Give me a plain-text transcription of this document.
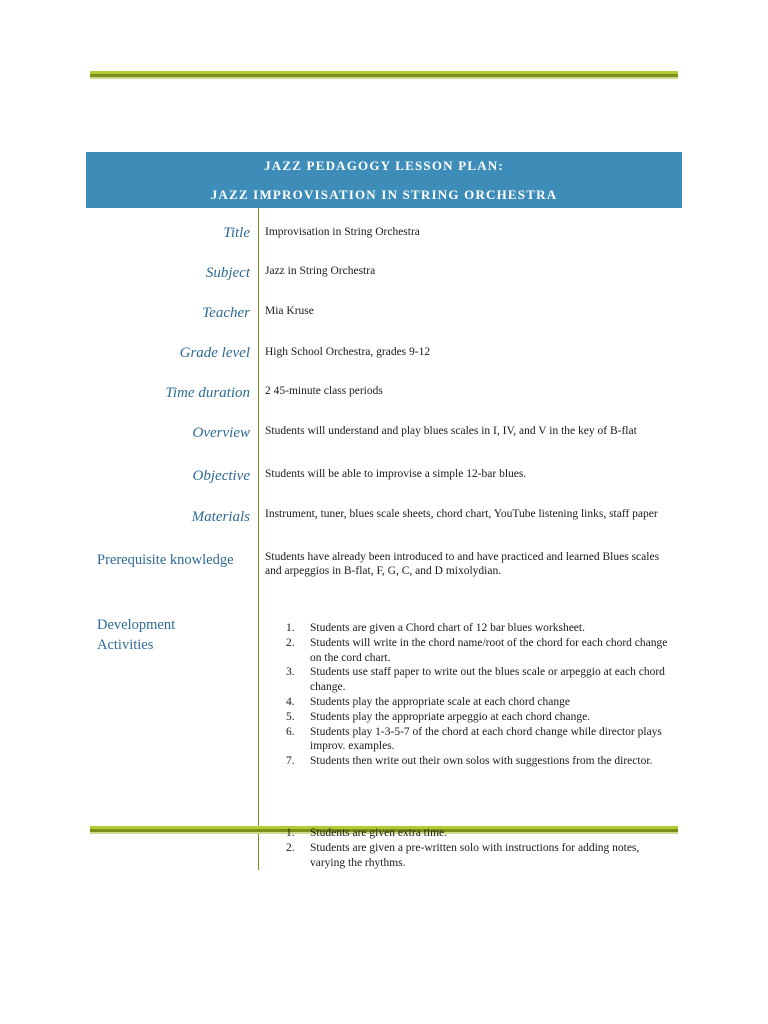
JAZZ PEDAGOGY LESSON PLAN:
JAZZ IMPROVISATION IN STRING ORCHESTRA
Title Improvisation in String Orchestra
Subject Jazz in String Orchestra
Teacher Mia Kruse
Grade level High School Orchestra, grades 9-12
Time duration 2 45-minute class periods
Overview Students will understand and play blues scales in I, IV, and V in the key of B-flat
Objective Students will be able to improvise a simple 12-bar blues.
Materials Instrument, tuner, blues scale sheets, chord chart, YouTube listening links, staff paper
Prerequisite knowledge	Students have already been introduced to and have practiced and learned Blues scales and arpeggios in B-flat, F, G, C, and D mixolydian.
Development
Activities
1. Students are given a Chord chart of 12 bar blues worksheet.
2. Students will write in the chord name/root of the chord for each chord change on the cord chart.
3. Students use staff paper to write out the blues scale or arpeggio at each chord change.
4. Students play the appropriate scale at each chord change
5. Students play the appropriate arpeggio at each chord change.
6. Students play 1-3-5-7 of the chord at each chord change while director plays improv. examples.
7. Students then write out their own solos with suggestions from the director.
1. Students are given extra time.
2. Students are given a pre-written solo with instructions for adding notes, varying the rhythms.
